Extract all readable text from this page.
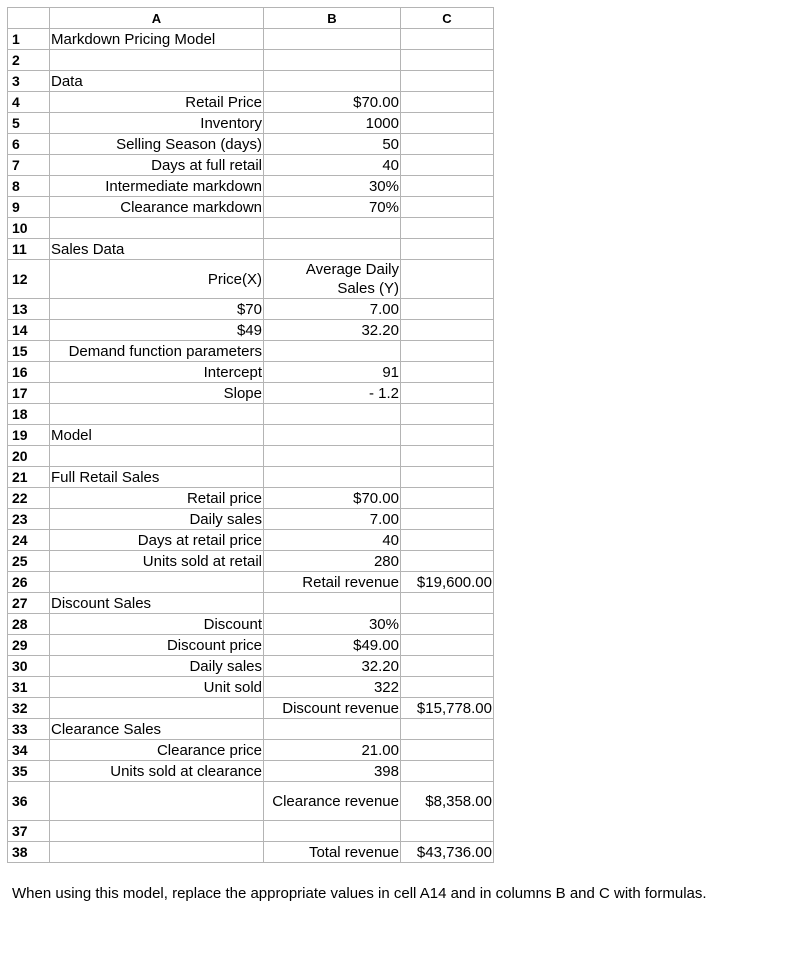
	A	B	C
1	Markdown Pricing Model		
2			
3	Data		
4	Retail Price	$70.00	
5	Inventory	1000	
6	Selling Season (days)	50	
7	Days at full retail	40	
8	Intermediate markdown	30%	
9	Clearance markdown	70%	
10			
11	Sales Data		
12	Price(X)	Average Daily Sales (Y)	
13	$70	7.00	
14	$49	32.20	
15	Demand function parameters		
16	Intercept	91	
17	Slope	- 1.2	
18			
19	Model		
20			
21	Full Retail Sales		
22	Retail price	$70.00	
23	Daily sales	7.00	
24	Days at retail price	40	
25	Units sold at retail	280	
26		Retail revenue	$19,600.00
27	Discount Sales		
28	Discount	30%	
29	Discount price	$49.00	
30	Daily sales	32.20	
31	Unit sold	322	
32		Discount revenue	$15,778.00
33	Clearance Sales		
34	Clearance price	21.00	
35	Units sold at clearance	398	
36		Clearance revenue	$8,358.00
37			
38		Total revenue	$43,736.00
When using this model, replace the appropriate values in cell A14 and in columns B and C with formulas.
